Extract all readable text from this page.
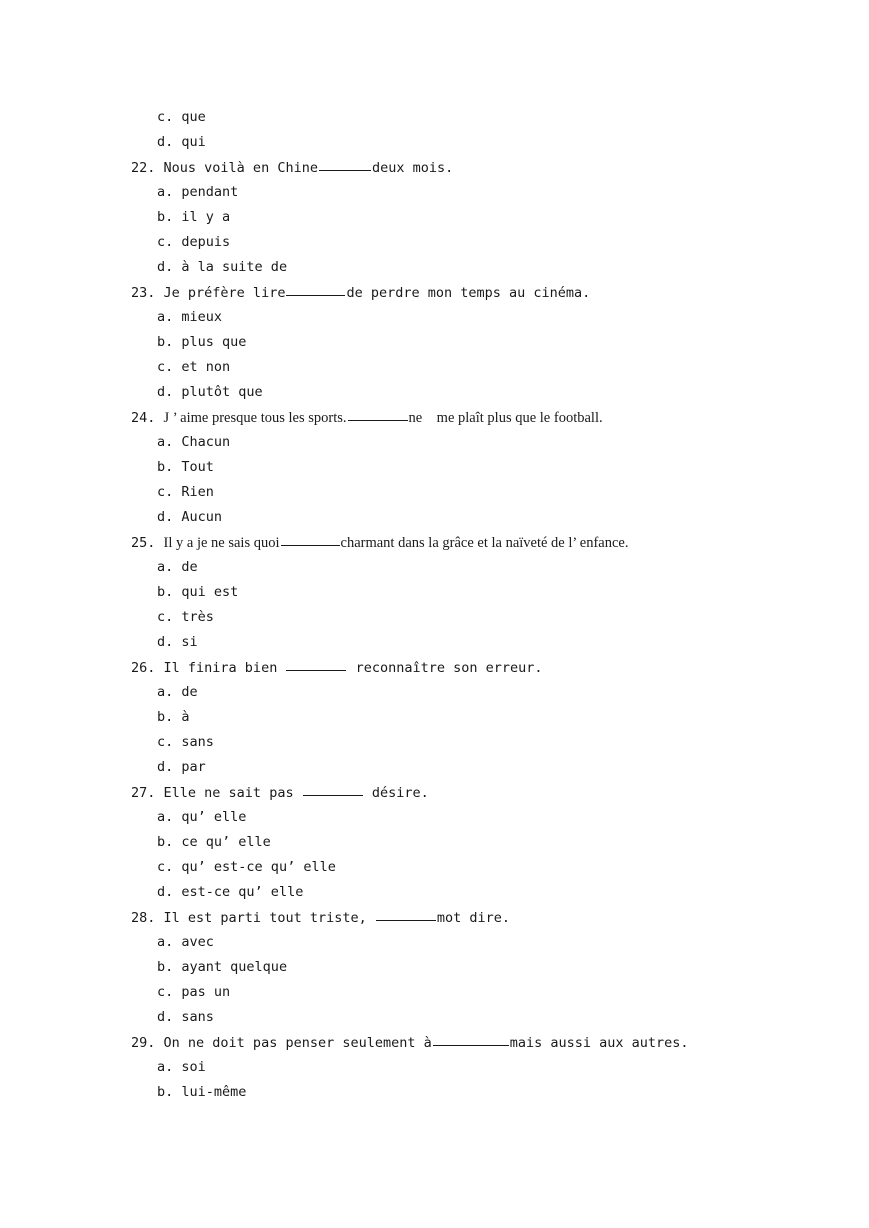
c. que
d. qui
22. Nous voilà en Chine	deux mois.
a. pendant
b. il y a
c. depuis
d. à la suite de
23. Je préfère lire	de perdre mon temps au cinéma.
a. mieux
b. plus que
c. et non
d. plutôt que
24. J ’ aime presque tous les sports.	ne    me plaît plus que le football.
a. Chacun
b. Tout
c. Rien
d. Aucun
25. Il y a je ne sais quoi	charmant dans la grâce et la naïveté de l’ enfance.
a. de
b. qui est
c. très
d. si
26. Il finira bien	reconnaître son erreur.
a. de
b. à
c. sans
d. par
27. Elle ne sait pas	désire.
a. qu’ elle
b. ce qu’ elle
c. qu’ est-ce qu’ elle
d. est-ce qu’ elle
28. Il est parti tout triste,	mot dire.
a. avec
b. ayant quelque
c. pas un
d. sans
29. On ne doit pas penser seulement à	mais aussi aux autres.
a. soi
b. lui-même
